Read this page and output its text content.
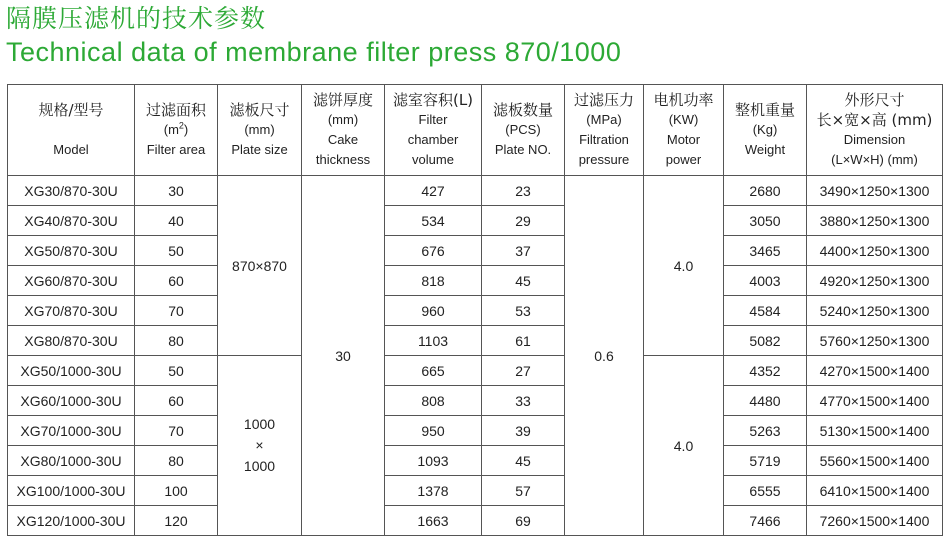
隔膜压滤机的技术参数
Technical data of membrane filter press 870/1000
规格/型号

Model	过滤面积
$(m^2)$
Filter area	滤板尺寸
(mm)
Plate size	滤饼厚度
(mm)
Cake
thickness	滤室容积(L)
Filter
chamber
volume	滤板数量
(PCS)
Plate NO.	过滤压力
(MPa)
Filtration
pressure	电机功率
(KW)
Motor
power	整机重量
(Kg)
Weight	外形尺寸
长×宽×高 (mm)
Dimension
(L×W×H) (mm)

XG30/870-30U	30	870×870	30	427	23	0.6	4.0	2680	3490×1250×1300
XG40/870-30U	40			534	29			3050	3880×1250×1300
XG50/870-30U	50			676	37			3465	4400×1250×1300
XG60/870-30U	60			818	45			4003	4920×1250×1300
XG70/870-30U	70			960	53			4584	5240×1250×1300
XG80/870-30U	80			1103	61			5082	5760×1250×1300
XG50/1000-30U	50	1000
×
1000		665	27		4.0	4352	4270×1500×1400
XG60/1000-30U	60			808	33			4480	4770×1500×1400
XG70/1000-30U	70			950	39			5263	5130×1500×1400
XG80/1000-30U	80			1093	45			5719	5560×1500×1400
XG100/1000-30U	100			1378	57			6555	6410×1500×1400
XG120/1000-30U	120			1663	69			7466	7260×1500×1400
